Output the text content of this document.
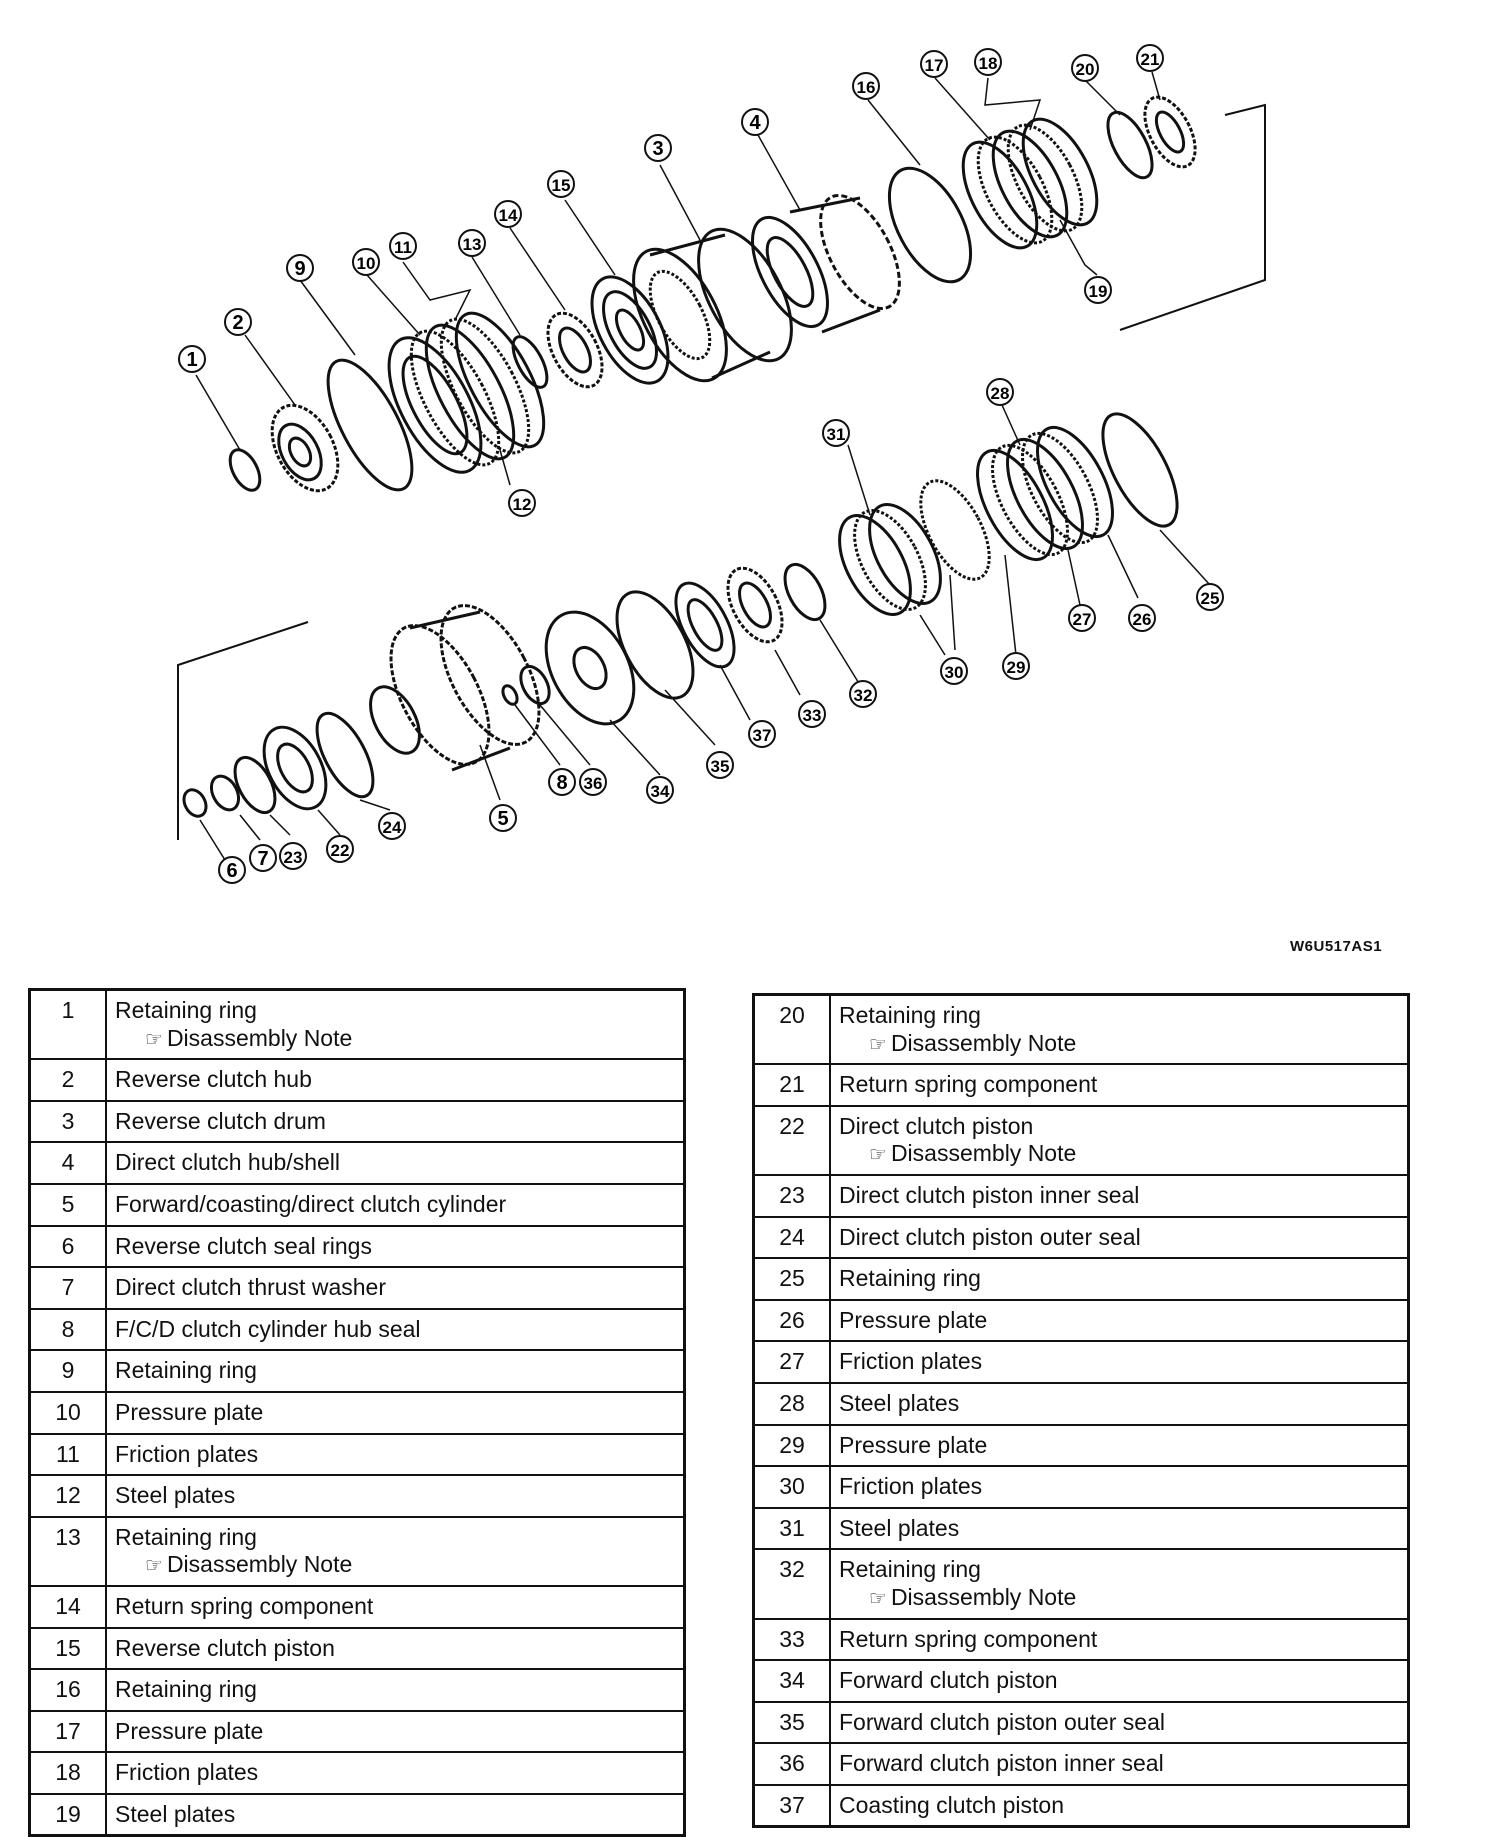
1
2
3
4
5
6
7
8
9	10
11
12
13
14
15
16
17 18
19
20
21
22
23
24
25
26
27
28
29
30
31
32
33
34
35
36
37
W6U517AS1
1	Retaining ring
☞ Disassembly Note

2	Reverse clutch hub
3	Reverse clutch drum
4	Direct clutch hub/shell
5	Forward/coasting/direct clutch cylinder
6	Reverse clutch seal rings
7	Direct clutch thrust washer
8	F/C/D clutch cylinder hub seal
9	Retaining ring
10	Pressure plate
11	Friction plates
12	Steel plates
13	Retaining ring
☞ Disassembly Note

14	Return spring component
15	Reverse clutch piston
16	Retaining ring
17	Pressure plate
18	Friction plates
19	Steel plates
20	Retaining ring
☞ Disassembly Note

21	Return spring component
22	Direct clutch piston
☞ Disassembly Note

23	Direct clutch piston inner seal
24	Direct clutch piston outer seal
25	Retaining ring
26	Pressure plate
27	Friction plates
28	Steel plates
29	Pressure plate
30	Friction plates
31	Steel plates
32	Retaining ring
☞ Disassembly Note

33	Return spring component
34	Forward clutch piston
35	Forward clutch piston outer seal
36	Forward clutch piston inner seal
37	Coasting clutch piston
